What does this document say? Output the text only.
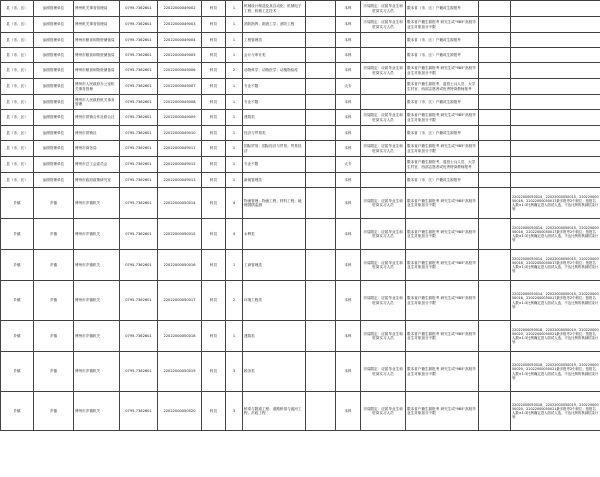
县（市、区）	参照管理单位	博州机关事务管理局	0795-7362601	22022000049002	科员	1	机械设计制造及其自动化、机械电子工程、机械工艺技术		本科	市局限定：应届毕业生和驻岗实习人员	限本省（市、区）户籍或生源报考		
县（市、区）	参照管理单位	博州机关事务管理局	0795-7362601	22022000049003	科员	1	消防指挥；勘查工学；消防工程		本科	市局限定：应届毕业生和驻岗实习人员	限本省户籍生源报考 研究生或"985"高校毕业生对象加分不限		
县（市、区）	参照管理单位	博州市粮食和物资储备局	0795-7362601	22022000049004	科员	1	工程管理类		本科		限本省（市、区）户籍或生源报考		
县（市、区）	参照管理单位	博州市粮食和物资储备局	0795-7362601	22022000049005	科员	1	会计与审计类		本科		限本省（市、区）户籍或生源报考		
县（市、区）	参照管理单位	博州市粮食和物资储备局	0795-7362601	22022000049006	科员	2	动物科学；动物医学；动植物检疫		本科	市局限定：应届毕业生和驻岗实习人员	限本省户籍生源报考 研究生或"985"高校毕业生对象加分不限		
县（市、区）	参照管理单位	博州市人民政府办公室机关事务管理	0795-7362601	22022000049007	科员	1	专业不限		大专		限本省户籍生源报考，退役士兵人员、大学生村官、西部志愿者或优秀特岗教师报考		
县（市、区）	参照管理单位	博州市人民政府机关事务管理	0795-7362601	22022000049008	科员	1	专业不限		本科		限本省（市、区）户籍或生源报考		
县（市、区）	参照管理单位	博州市供销合作社联合社	0795-7362601	22022000049009	科员	1	建筑类		本科	市局限定：应届毕业生和驻岗实习人员	限本省户籍生源报考 研究生或"985"高校毕业生对象加分不限		
县（市、区）	参照管理单位	博州市供销社	0795-7362601	22022000049010	科员	1	经济与贸易类		本科		限本省（市、区）户籍或生源报考		
县（市、区）	参照管理单位	博州市商务局	0795-7362601	22022000049011	科员	1	国际贸易；国际经济与贸易；贸易经济		本科	市局限定：应届毕业生和驻岗实习人员	限本省户籍生源报考 研究生或"985"高校毕业生对象加分不限		
县（市、区）	参照管理单位	博州市总工会委员会	0795-7362601	22022000049012	科员	1	专业不限		大专		限本省户籍生源报考，退役士兵人员、大学生村官、西部志愿者或优秀特岗教师报考		
县（市、区）	参照管理单位	博州市政府政策研究室	0795-7362601	22022000049013	科员	1	新闻管理类		本科		限本省（市、区）户籍或生源报考		
乡镇	乡镇	博州市乡镇机关	0795-7362601	22022000050014	科员	4	物流管理；物流工程；材料工程；地理国情监测		本科	市局限定：应届毕业生和驻岗实习人员	限本省户籍生源报考 研究生或"985"高校毕业生对象加分不限		22022000050014、22022000050015、22022000050016、22022000050017最多报考2个职位；按报名人数×1:3比例确定进入面试人选，不达比例的核减招录计划
乡镇	乡镇	博州市乡镇机关	0795-7362601	22022000050015	科员	4	水利类		本科	市局限定：应届毕业生和驻岗实习人员	限本省户籍生源报考 研究生或"985"高校毕业生对象加分不限		22022000050014、22022000050015、22022000050016、22022000050017最多报考2个职位；按报名人数×1:3比例确定进入面试人选，不达比例的核减招录计划
乡镇	乡镇	博州市乡镇机关	0795-7362601	22022000050016	科员	1	工商管理类		本科	市局限定：应届毕业生和驻岗实习人员	限本省户籍生源报考 研究生或"985"高校毕业生对象加分不限		22022000050014、22022000050015、22022000050016、22022000050017最多报考2个职位；按报名人数×1:3比例确定进入面试人选，不达比例的核减招录计划
乡镇	乡镇	博州市乡镇机关	0795-7362601	22022000050017	科员	2	环境工程类		本科	市局限定：应届毕业生和驻岗实习人员	限本省户籍生源报考 研究生或"985"高校毕业生对象加分不限		22022000050014、22022000050015、22022000050016、22022000050017最多报考2个职位；按报名人数×1:3比例确定进入面试人选，不达比例的核减招录计划
乡镇	乡镇	博州市乡镇机关	0795-7362601	22022000050018	科员	1	建筑类		本科	市局限定：应届毕业生和驻岗实习人员	限本省户籍生源报考 研究生或"985"高校毕业生对象加分不限		22022000050018、22022000050019、22022000050020、22022000050021最多报考2个职位；按报名人数×1:3比例确定进入面试人选，不达比例的核减招录计划
乡镇	乡镇	博州市乡镇机关	0795-7362601	22022000050019	科员	3	税务类		本科	市局限定：应届毕业生和驻岗实习人员	限本省户籍生源报考 研究生或"985"高校毕业生对象加分不限		22022000050018、22022000050019、22022000050020、22022000050021最多报考2个职位；按报名人数×1:3比例确定进入面试人选，不达比例的核减招录计划
乡镇	乡镇	博州市乡镇机关	0795-7362601	22022000050020	科员	3	桥梁与隧道工程；道路桥梁与渡河工程；市政工程		本科	市局限定：应届毕业生和驻岗实习人员	限本省户籍生源报考 研究生或"985"高校毕业生对象加分不限		22022000050018、22022000050019、22022000050020、22022000050021最多报考2个职位；按报名人数×1:3比例确定进入面试人选，不达比例的核减招录计划
